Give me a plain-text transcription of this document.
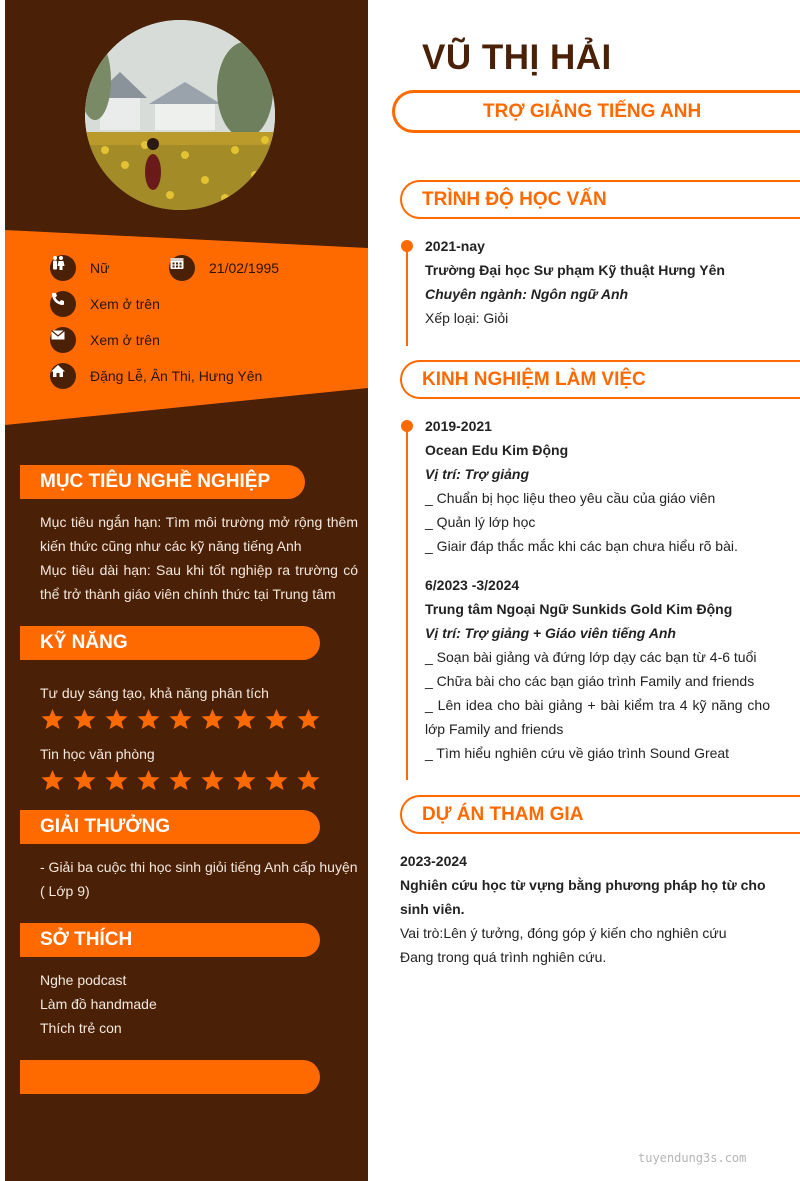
Nữ	21/02/1995
Xem ở trên
Xem ở trên
Đặng Lễ, Ân Thi, Hưng Yên
MỤC TIÊU NGHỀ NGHIỆP
Mục tiêu ngắn hạn: Tìm môi trường mở rộng thêm kiến thức cũng như các kỹ năng tiếng Anh
Mục tiêu dài hạn: Sau khi tốt nghiệp ra trường có thể trở thành giáo viên chính thức tại Trung tâm
KỸ NĂNG
Tư duy sáng tạo, khả năng phân tích
Tin học văn phòng
GIẢI THƯỞNG
- Giải ba cuộc thi học sinh giỏi tiếng Anh cấp huyện ( Lớp 9)
SỞ THÍCH
Nghe podcast
Làm đồ handmade
Thích trẻ con
VŨ THỊ HẢI
TRỢ GIẢNG TIẾNG ANH
TRÌNH ĐỘ HỌC VẤN
2021-nay
Trường Đại học Sư phạm Kỹ thuật Hưng Yên
Chuyên ngành: Ngôn ngữ Anh
Xếp loại: Giỏi
KINH NGHIỆM LÀM VIỆC
2019-2021
Ocean Edu Kim Động
Vị trí: Trợ giảng
_ Chuẩn bị học liệu theo yêu cầu của giáo viên
_ Quản lý lớp học
_ Giair đáp thắc mắc khi các bạn chưa hiểu rõ bài.
6/2023 -3/2024
Trung tâm Ngoại Ngữ Sunkids Gold Kim Động
Vị trí: Trợ giảng + Giáo viên tiếng Anh
_ Soạn bài giảng và đứng lớp dạy các bạn từ 4-6 tuổi
_ Chữa bài cho các bạn giáo trình Family and friends
_ Lên idea cho bài giảng + bài kiểm tra 4 kỹ năng cho lớp Family and friends
_ Tìm hiểu nghiên cứu về giáo trình Sound Great
DỰ ÁN THAM GIA
2023-2024
Nghiên cứu học từ vựng bằng phương pháp họ từ cho sinh viên.
Vai trò:Lên ý tưởng, đóng góp ý kiến cho nghiên cứu
Đang trong quá trình nghiên cứu.
tuyendung3s.com
